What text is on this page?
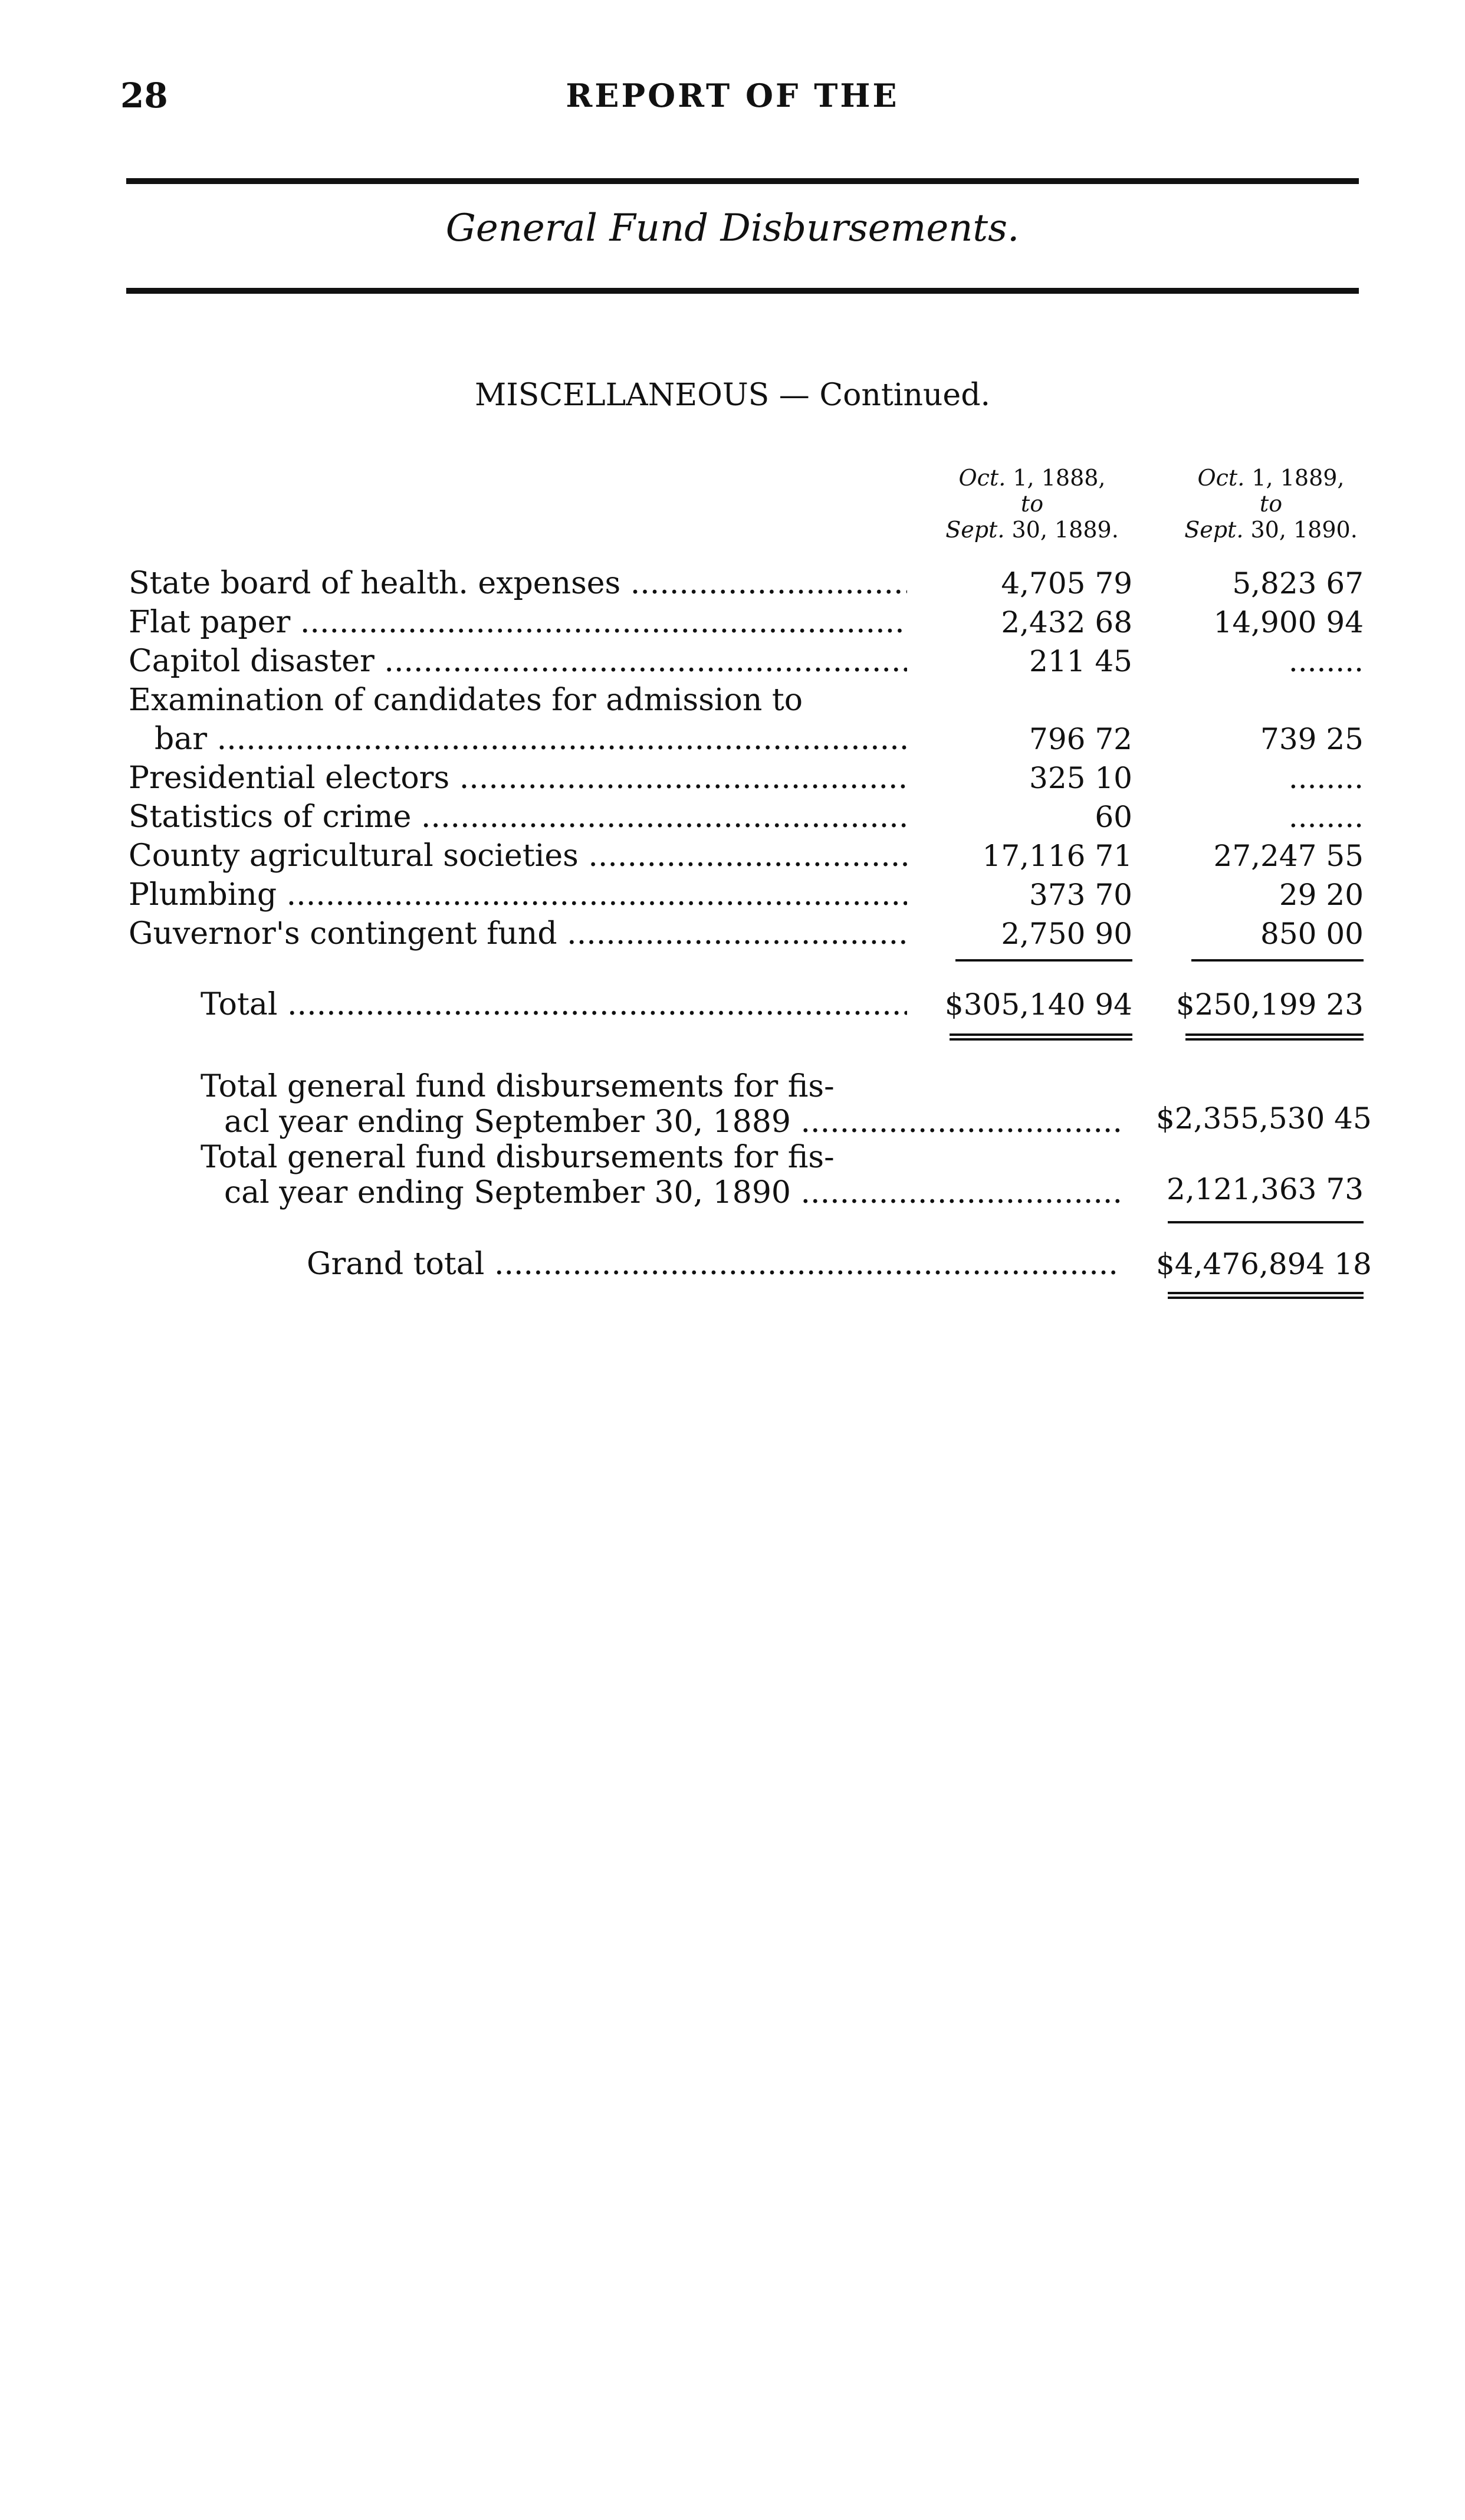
28	REPORT OF THE
General Fund Disbursements.
MISCELLANEOUS — Continued.
Oct. 1, 1888,
to
Sept. 30, 1889.
Oct. 1, 1889,
to
Sept. 30, 1890.
State board of health. expenses .....	4,705 79	5,823 67
Flat paper .....	2,432 68	14,900 94
Capitol disaster .....	211 45	........
Examination of candidates for admission to
bar .....	796 72	739 25
Presidential electors .....	325 10	........
Statistics of crime .....	60	........
County agricultural societies .....	17,116 71	27,247 55
Plumbing .....	373 70	29 20
Guvernor's contingent fund .....	2,750 90	850 00
Total .....	$305,140 94	$250,199 23
Total general fund disbursements for fis-
acl year ending September 30, 1889 .....	$2,355,530 45
Total general fund disbursements for fis-
cal year ending September 30, 1890 .....	2,121,363 73
Grand total .....	$4,476,894 18
